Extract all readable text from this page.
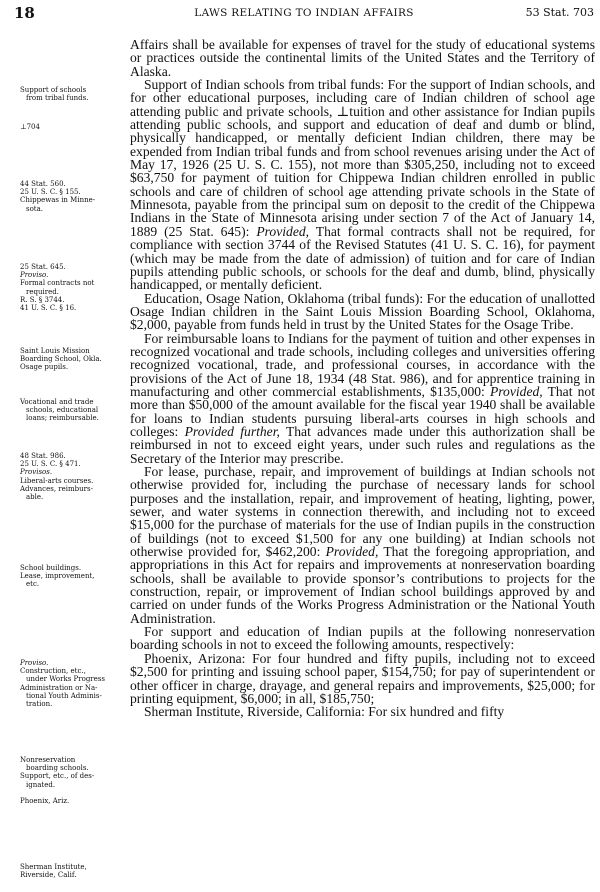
18	LAWS RELATING TO INDIAN AFFAIRS	53 Stat. 703
Support of schools
from tribal funds.
⊥704
44 Stat. 560.
25 U. S. C. § 155.
Chippewas in Minne-
sota.
25 Stat. 645.
Proviso.
Formal contracts not
required.
R. S. § 3744.
41 U. S. C. § 16.
Saint Louis Mission
Boarding School, Okla.
Osage pupils.
Vocational and trade
schools, educational
loans; reimbursable.
48 Stat. 986.
25 U. S. C. § 471.
Provisos.
Liberal-arts courses.
Advances, reimburs-
able.
School buildings.
Lease, improvement,
etc.
Proviso.
Construction, etc.,
under Works Progress
Administration or Na-
tional Youth Adminis-
tration.
Nonreservation
boarding schools.
Support, etc., of des-
ignated.
Phoenix, Ariz.
Sherman Institute,
Riverside, Calif.

Affairs shall be available for expenses of travel for the study of educational systems or practices outside the continental limits of the United States and the Territory of Alaska.

Support of Indian schools from tribal funds: For the support of Indian schools, and for other educational purposes, including care of Indian children of school age attending public and private schools, ⊥tuition and other assistance for Indian pupils attending public schools, and support and education of deaf and dumb or blind, physically handicapped, or mentally deficient Indian children, there may be expended from Indian tribal funds and from school revenues arising under the Act of May 17, 1926 (25 U. S. C. 155), not more than $305,250, including not to exceed $63,750 for payment of tuition for Chippewa Indian children enrolled in public schools and care of children of school age attending private schools in the State of Minnesota, payable from the principal sum on deposit to the credit of the Chippewa Indians in the State of Minnesota arising under section 7 of the Act of January 14, 1889 (25 Stat. 645): Provided, That formal contracts shall not be required, for compliance with section 3744 of the Revised Statutes (41 U. S. C. 16), for payment (which may be made from the date of admission) of tuition and for care of Indian pupils attending public schools, or schools for the deaf and dumb, blind, physically handicapped, or mentally deficient.

Education, Osage Nation, Oklahoma (tribal funds): For the education of unallotted Osage Indian children in the Saint Louis Mission Boarding School, Oklahoma, $2,000, payable from funds held in trust by the United States for the Osage Tribe.

For reimbursable loans to Indians for the payment of tuition and other expenses in recognized vocational and trade schools, including colleges and universities offering recognized vocational, trade, and professional courses, in accordance with the provisions of the Act of June 18, 1934 (48 Stat. 986), and for apprentice training in manufacturing and other commercial establishments, $135,000: Provided, That not more than $50,000 of the amount available for the fiscal year 1940 shall be available for loans to Indian students pursuing liberal-arts courses in high schools and colleges: Provided further, That advances made under this authorization shall be reimbursed in not to exceed eight years, under such rules and regulations as the Secretary of the Interior may prescribe.

For lease, purchase, repair, and improvement of buildings at Indian schools not otherwise provided for, including the purchase of necessary lands for school purposes and the installation, repair, and improvement of heating, lighting, power, sewer, and water systems in connection therewith, and including not to exceed $15,000 for the purchase of materials for the use of Indian pupils in the construction of buildings (not to exceed $1,500 for any one building) at Indian schools not otherwise provided for, $462,200: Provided, That the foregoing appropriation, and appropriations in this Act for repairs and improvements at nonreservation boarding schools, shall be available to provide sponsor’s contributions to projects for the construction, repair, or improvement of Indian school buildings approved by and carried on under funds of the Works Progress Administration or the National Youth Administration.

For support and education of Indian pupils at the following nonreservation boarding schools in not to exceed the following amounts, respectively:

Phoenix, Arizona: For four hundred and fifty pupils, including not to exceed $2,500 for printing and issuing school paper, $154,750; for pay of superintendent or other officer in charge, drayage, and general repairs and improvements, $25,000; for printing equipment, $6,000; in all, $185,750;

Sherman Institute, Riverside, California: For six hundred and fifty
